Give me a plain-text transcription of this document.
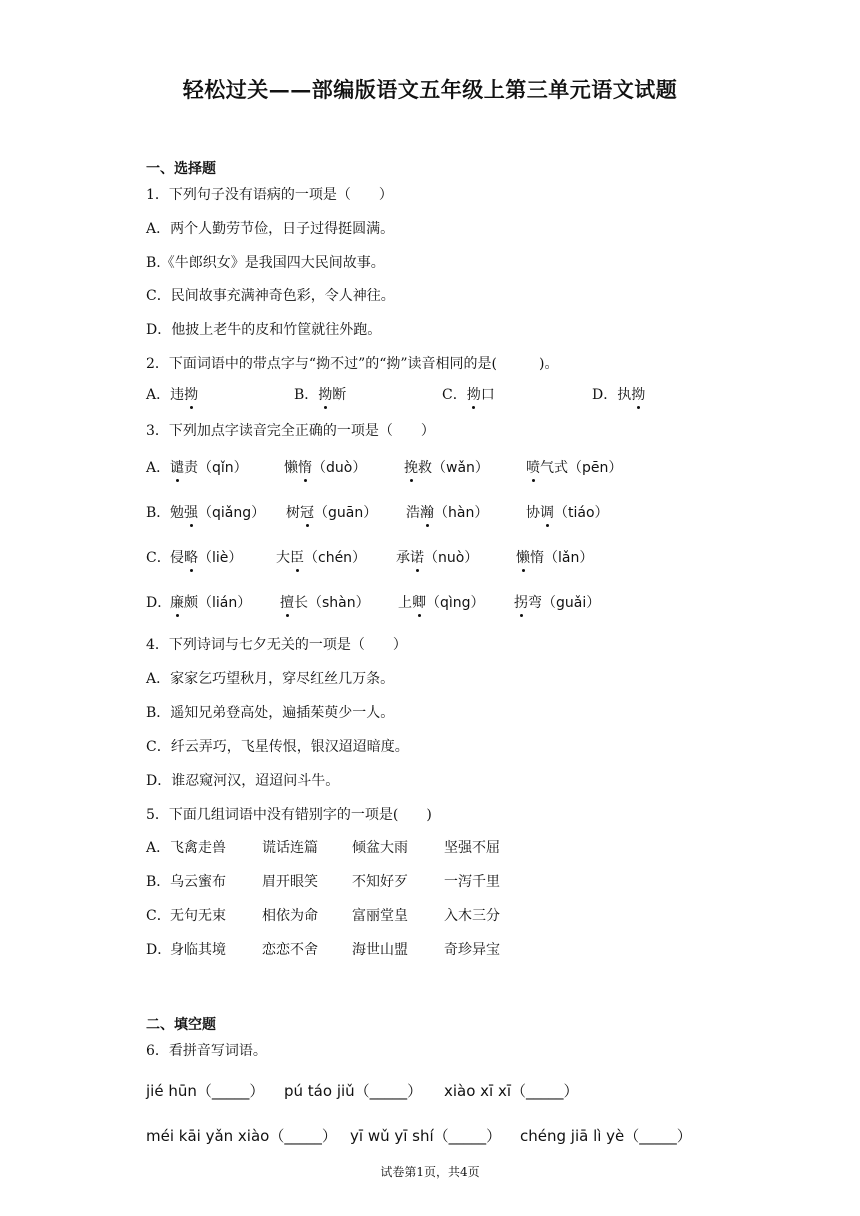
轻松过关——部编版语文五年级上第三单元语文试题
一、选择题
1．下列句子没有语病的一项是（　　）
A．两个人勤劳节俭，日子过得挺圆满。
B.《牛郎织女》是我国四大民间故事。
C．民间故事充满神奇色彩，令人神往。
D．他披上老牛的皮和竹筐就往外跑。
2．下面词语中的带点字与“拗不过”的“拗”读音相同的是(　　　)。
A．违拗	B．拗断	C．拗口	D．执拗
3．下列加点字读音完全正确的一项是（　　）
A． 谴责（qǐn）	懒惰（duò）	挽救（wǎn）	喷气式（pēn）
B． 勉强（qiǎng） 树冠（guān） 浩瀚（hàn）	协调（tiáo）
C． 侵略（liè） 大臣（chén） 承诺（nuò）	懒惰（lǎn）
D．
廉颇（lián） 擅长（shàn） 上卿（qìng） 拐弯（guǎi）
4．下列诗词与七夕无关的一项是（　　）
A．家家乞巧望秋月，穿尽红丝几万条。
B．遥知兄弟登高处，遍插茱萸少一人。
C．纤云弄巧，飞星传恨，银汉迢迢暗度。
D．谁忍窥河汉，迢迢问斗牛。
5．下面几组词语中没有错别字的一项是(　　)
A． 飞禽走兽	谎话连篇 倾盆大雨	坚强不屈
B． 乌云蜜布	眉开眼笑 不知好歹	一泻千里
C． 无句无束	相依为命 富丽堂皇	入木三分
D．
身临其境	恋恋不舍 海世山盟	奇珍异宝
二、填空题
6．看拼音写词语。
jié hūn（_____） pú táo jiǔ（_____） xiào xī xī（_____）
méi kāi yǎn xiào（_____） yī wǔ yī shí（_____） chéng jiā lì yè（_____）
试卷第1页，共4页
